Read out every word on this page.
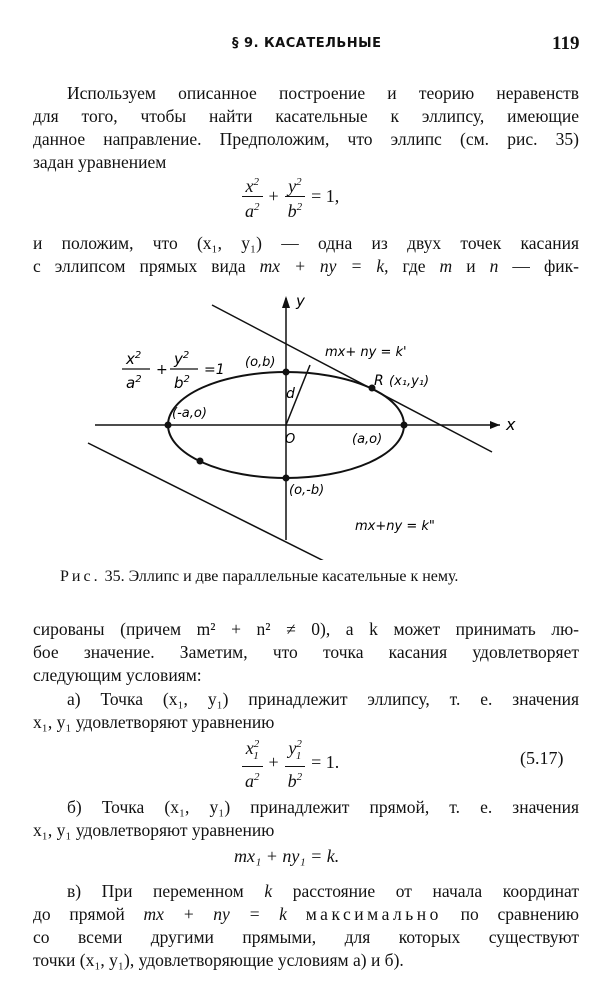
§ 9. КАСАТЕЛЬНЫЕ	119
Используем описанное построение и теорию неравенств
для того, чтобы найти касательные к эллипсу, имеющие
данное направление. Предположим, что эллипс (см. рис. 35)
задан уравнением
$\frac{x^2}{a^2} + \frac{y^2}{b^2} = 1$,
и положим, что (x₁, y₁) — одна из двух точек касания
с эллипсом прямых вида mx + ny = k, где m и n — фик-
$x^2$
$a^2$
+
$y^2$
$b^2$
=1
x
y
O
(o,b)
(o,-b)
(a,o)
(-a,o)
R (x₁,y₁)
d
mx+ ny = k'
mx+ny = k"
Рис. 35. Эллипс и две параллельные касательные к нему.
сированы (причем m² + n² ≠ 0), а k может принимать лю-
бое значение. Заметим, что точка касания удовлетворяет
следующим условиям:
а) Точка (x₁, y₁) принадлежит эллипсу, т. е. значения
x₁, y₁ удовлетворяют уравнению
$\frac{x^2_1}{a^2} + \frac{y^2_1}{b^2} = 1$.	(5.17)
б) Точка (x₁, y₁) принадлежит прямой, т. е. значения
x₁, y₁ удовлетворяют уравнению
mx₁ + ny₁ = k.
в) При переменном k расстояние от начала координат
до прямой mx + ny = k максимально по сравнению
со всеми другими прямыми, для которых существуют
точки (x₁, y₁), удовлетворяющие условиям а) и б).
